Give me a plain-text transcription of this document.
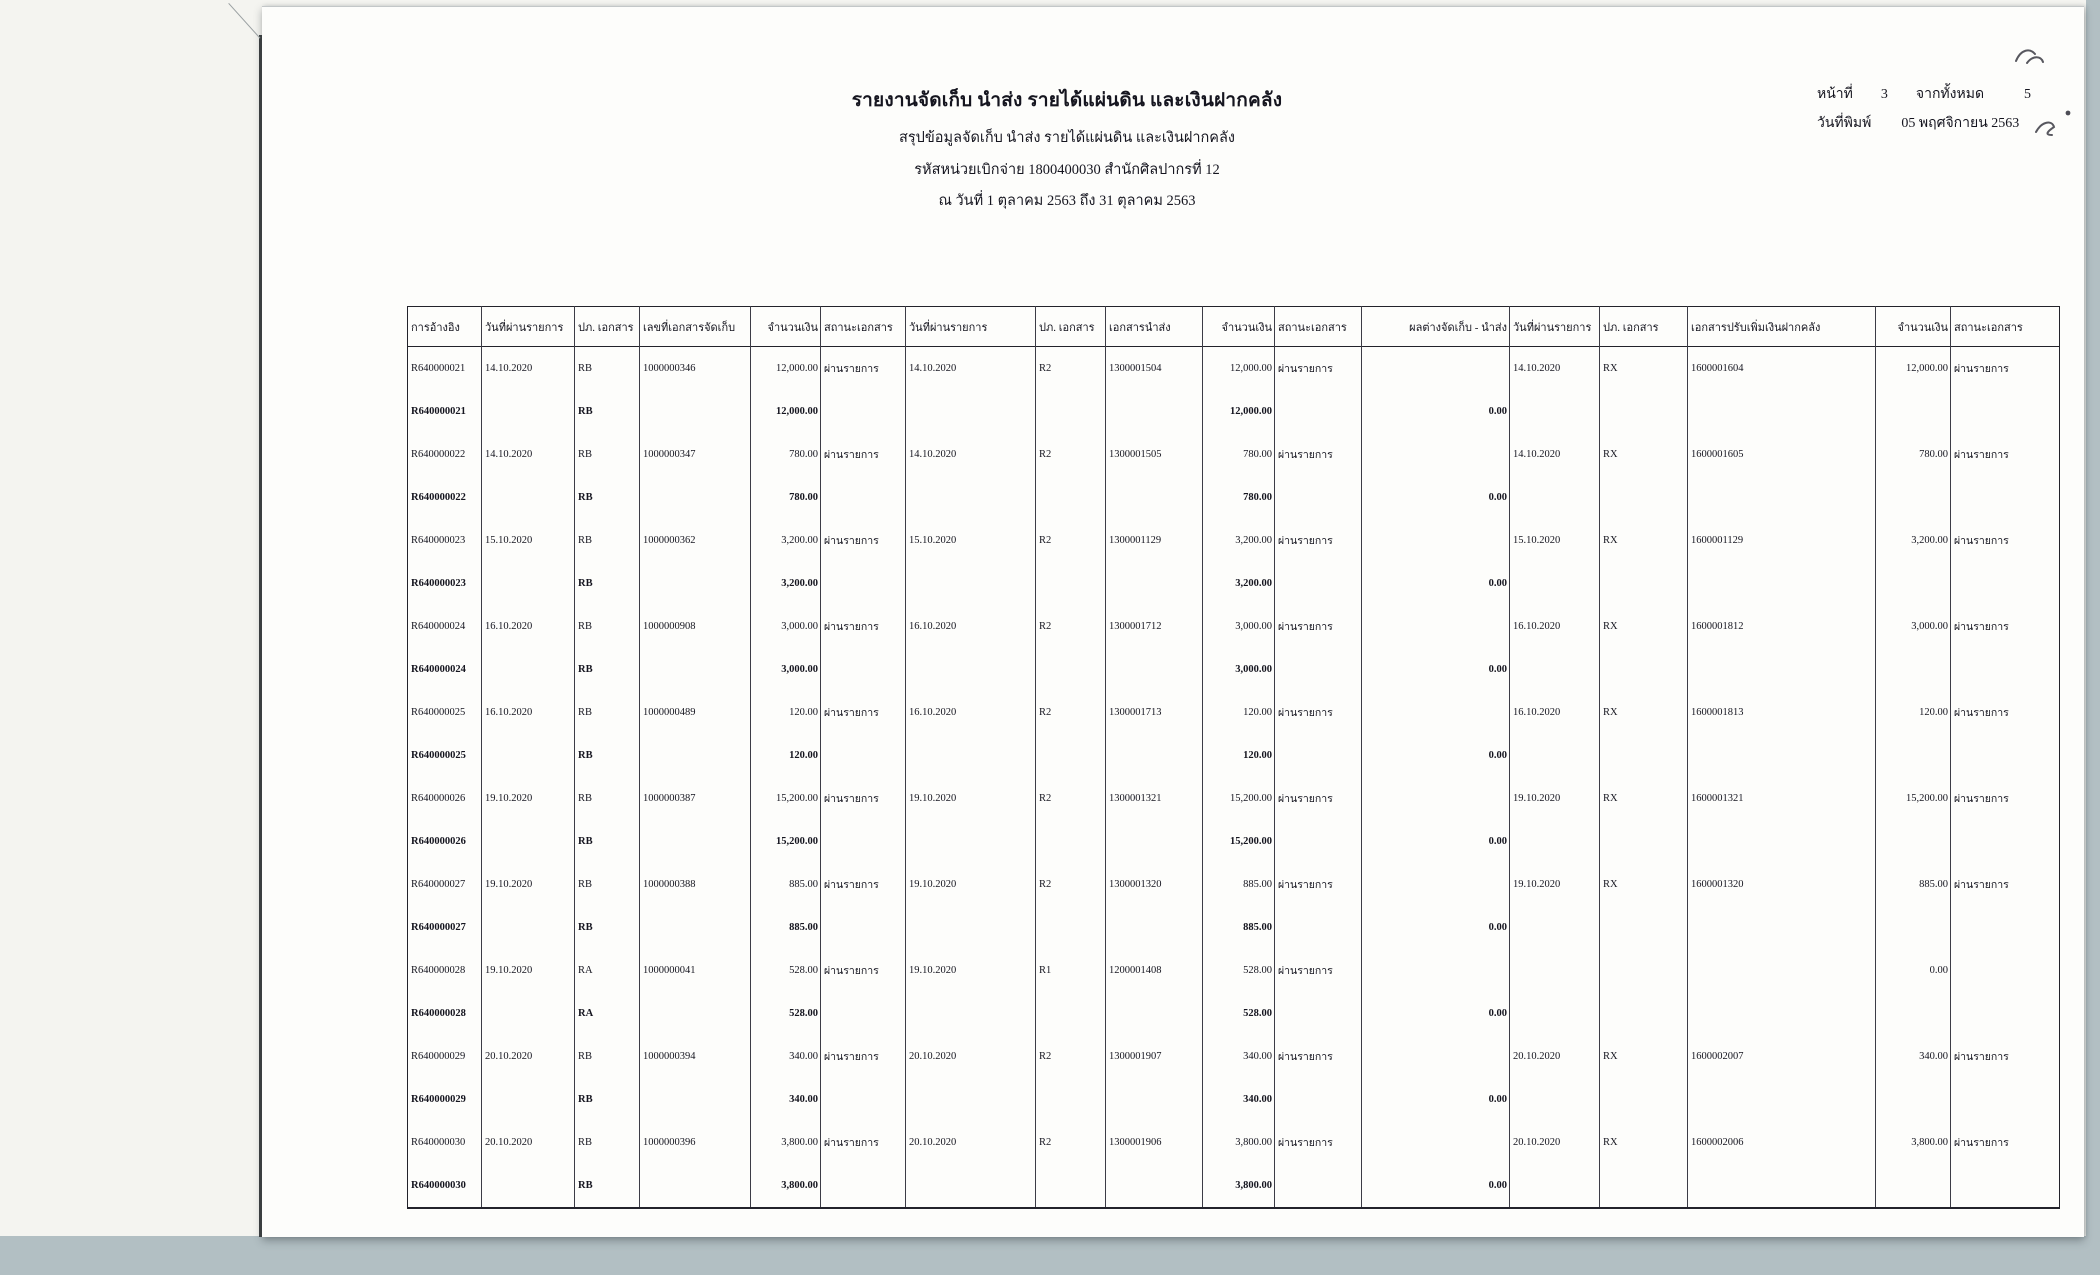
รายงานจัดเก็บ นำส่ง รายได้แผ่นดิน และเงินฝากคลัง
สรุปข้อมูลจัดเก็บ นำส่ง รายได้แผ่นดิน และเงินฝากคลัง
รหัสหน่วยเบิกจ่าย 1800400030 สำนักศิลปากรที่ 12
ณ วันที่ 1 ตุลาคม 2563 ถึง 31 ตุลาคม 2563
หน้าที่ 3 จากทั้งหมด	5
วันที่พิมพ์ 05 พฤศจิกายน 2563
การอ้างอิง	วันที่ผ่านรายการ	ปภ. เอกสาร	เลขที่เอกสารจัดเก็บ	จำนวนเงิน	สถานะเอกสาร	วันที่ผ่านรายการ	ปภ. เอกสาร	เอกสารนำส่ง	จำนวนเงิน	สถานะเอกสาร	ผลต่างจัดเก็บ - นำส่ง	วันที่ผ่านรายการ	ปภ. เอกสาร	เอกสารปรับเพิ่มเงินฝากคลัง	จำนวนเงิน	สถานะเอกสาร
R640000021	14.10.2020	RB	1000000346	12,000.00	ผ่านรายการ	14.10.2020	R2	1300001504	12,000.00	ผ่านรายการ		14.10.2020	RX	1600001604	12,000.00	ผ่านรายการ
R640000021		RB		12,000.00					12,000.00		0.00					
R640000022	14.10.2020	RB	1000000347	780.00	ผ่านรายการ	14.10.2020	R2	1300001505	780.00	ผ่านรายการ		14.10.2020	RX	1600001605	780.00	ผ่านรายการ
R640000022		RB		780.00					780.00		0.00					
R640000023	15.10.2020	RB	1000000362	3,200.00	ผ่านรายการ	15.10.2020	R2	1300001129	3,200.00	ผ่านรายการ		15.10.2020	RX	1600001129	3,200.00	ผ่านรายการ
R640000023		RB		3,200.00					3,200.00		0.00					
R640000024	16.10.2020	RB	1000000908	3,000.00	ผ่านรายการ	16.10.2020	R2	1300001712	3,000.00	ผ่านรายการ		16.10.2020	RX	1600001812	3,000.00	ผ่านรายการ
R640000024		RB		3,000.00					3,000.00		0.00					
R640000025	16.10.2020	RB	1000000489	120.00	ผ่านรายการ	16.10.2020	R2	1300001713	120.00	ผ่านรายการ		16.10.2020	RX	1600001813	120.00	ผ่านรายการ
R640000025		RB		120.00					120.00		0.00					
R640000026	19.10.2020	RB	1000000387	15,200.00	ผ่านรายการ	19.10.2020	R2	1300001321	15,200.00	ผ่านรายการ		19.10.2020	RX	1600001321	15,200.00	ผ่านรายการ
R640000026		RB		15,200.00					15,200.00		0.00					
R640000027	19.10.2020	RB	1000000388	885.00	ผ่านรายการ	19.10.2020	R2	1300001320	885.00	ผ่านรายการ		19.10.2020	RX	1600001320	885.00	ผ่านรายการ
R640000027		RB		885.00					885.00		0.00					
R640000028	19.10.2020	RA	1000000041	528.00	ผ่านรายการ	19.10.2020	R1	1200001408	528.00	ผ่านรายการ					0.00	
R640000028		RA		528.00					528.00		0.00					
R640000029	20.10.2020	RB	1000000394	340.00	ผ่านรายการ	20.10.2020	R2	1300001907	340.00	ผ่านรายการ		20.10.2020	RX	1600002007	340.00	ผ่านรายการ
R640000029		RB		340.00					340.00		0.00					
R640000030	20.10.2020	RB	1000000396	3,800.00	ผ่านรายการ	20.10.2020	R2	1300001906	3,800.00	ผ่านรายการ		20.10.2020	RX	1600002006	3,800.00	ผ่านรายการ
R640000030		RB		3,800.00					3,800.00		0.00					
